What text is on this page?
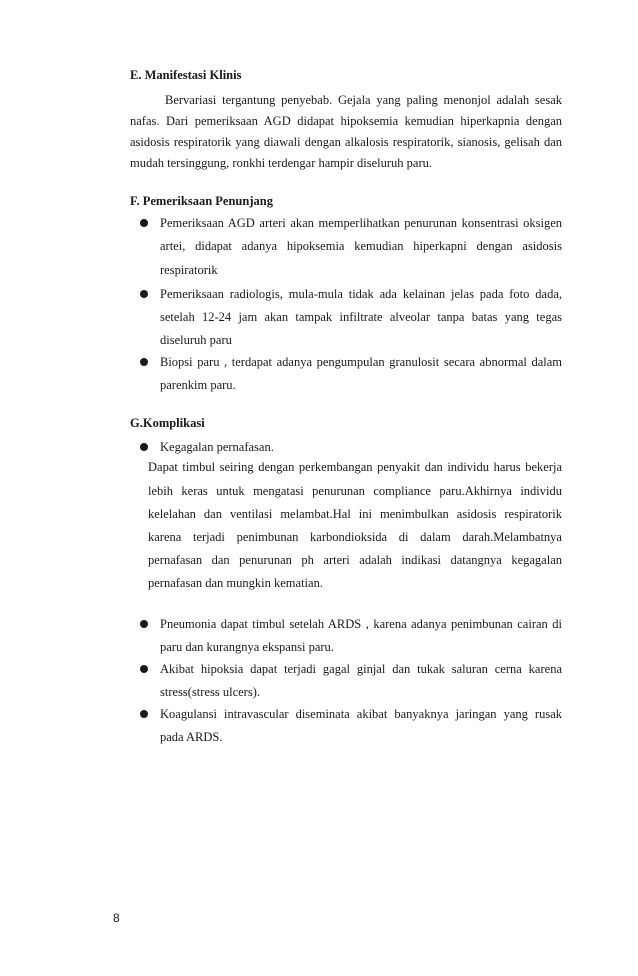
E. Manifestasi Klinis
Bervariasi tergantung penyebab. Gejala yang paling menonjol adalah sesak
nafas. Dari pemeriksaan AGD didapat hipoksemia kemudian hiperkapnia dengan
asidosis respiratorik yang diawali dengan alkalosis respiratorik, sianosis, gelisah dan
mudah tersinggung, ronkhi terdengar hampir diseluruh paru.
F. Pemeriksaan Penunjang
Pemeriksaan AGD arteri akan memperlihatkan penurunan konsentrasi oksigen
artei, didapat adanya hipoksemia kemudian hiperkapni dengan asidosis
respiratorik
Pemeriksaan radiologis, mula-mula tidak ada kelainan jelas pada foto dada,
setelah 12-24 jam akan tampak infiltrate alveolar tanpa batas yang tegas
diseluruh paru
Biopsi paru , terdapat adanya pengumpulan granulosit secara abnormal dalam
parenkim paru.
G.Komplikasi
Kegagalan pernafasan.
Dapat timbul seiring dengan perkembangan penyakit dan individu harus bekerja
lebih keras untuk mengatasi penurunan compliance paru.Akhirnya individu
kelelahan dan ventilasi melambat.Hal ini menimbulkan asidosis respiratorik
karena terjadi penimbunan karbondioksida di dalam darah.Melambatnya
pernafasan dan penurunan ph arteri adalah indikasi datangnya kegagalan
pernafasan dan mungkin kematian.
Pneumonia dapat timbul setelah ARDS , karena adanya penimbunan cairan di
paru dan kurangnya ekspansi paru.
Akibat hipoksia dapat terjadi gagal ginjal dan tukak saluran cerna karena
stress(stress ulcers).
Koagulansi intravascular diseminata akibat banyaknya jaringan yang rusak
pada ARDS.
8
